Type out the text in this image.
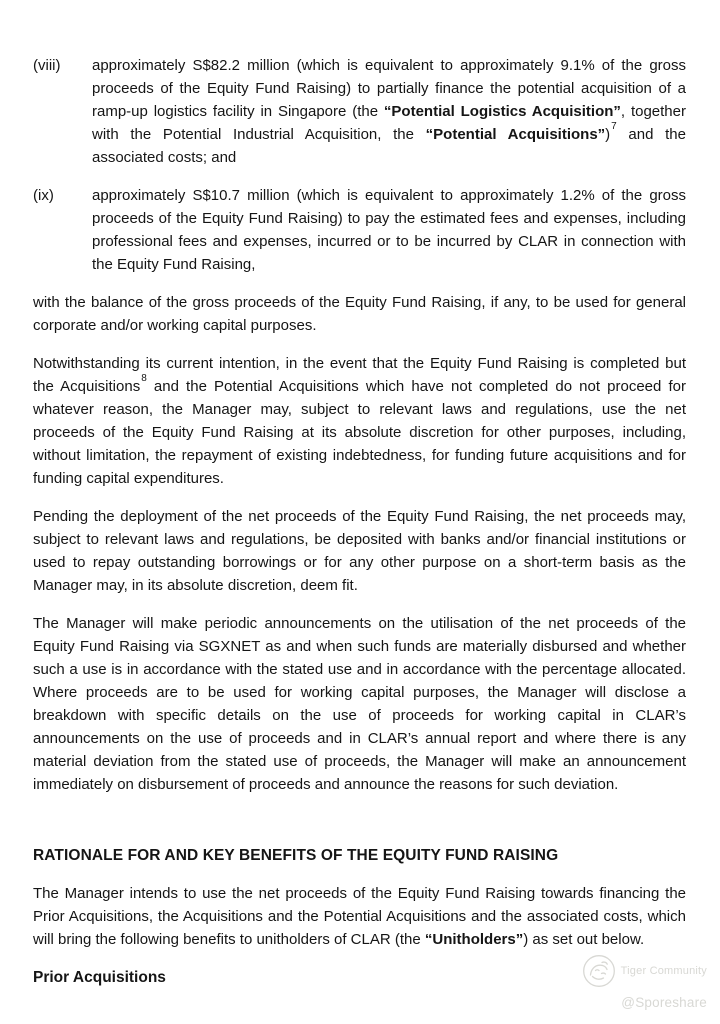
(viii)	approximately S$82.2 million (which is equivalent to approximately 9.1% of the gross proceeds of the Equity Fund Raising) to partially finance the potential acquisition of a ramp-up logistics facility in Singapore (the “Potential Logistics Acquisition”, together with the Potential Industrial Acquisition, the “Potential Acquisitions”)$^7$ and the associated costs; and
(ix)	approximately S$10.7 million (which is equivalent to approximately 1.2% of the gross proceeds of the Equity Fund Raising) to pay the estimated fees and expenses, including professional fees and expenses, incurred or to be incurred by CLAR in connection with the Equity Fund Raising,

with the balance of the gross proceeds of the Equity Fund Raising, if any, to be used for general corporate and/or working capital purposes.

Notwithstanding its current intention, in the event that the Equity Fund Raising is completed but the Acquisitions$^8$ and the Potential Acquisitions which have not completed do not proceed for whatever reason, the Manager may, subject to relevant laws and regulations, use the net proceeds of the Equity Fund Raising at its absolute discretion for other purposes, including, without limitation, the repayment of existing indebtedness, for funding future acquisitions and for funding capital expenditures.

Pending the deployment of the net proceeds of the Equity Fund Raising, the net proceeds may, subject to relevant laws and regulations, be deposited with banks and/or financial institutions or used to repay outstanding borrowings or for any other purpose on a short-term basis as the Manager may, in its absolute discretion, deem fit.

The Manager will make periodic announcements on the utilisation of the net proceeds of the Equity Fund Raising via SGXNET as and when such funds are materially disbursed and whether such a use is in accordance with the stated use and in accordance with the percentage allocated. Where proceeds are to be used for working capital purposes, the Manager will disclose a breakdown with specific details on the use of proceeds for working capital in CLAR’s announcements on the use of proceeds and in CLAR’s annual report and where there is any material deviation from the stated use of proceeds, the Manager will make an announcement immediately on disbursement of proceeds and announce the reasons for such deviation.

RATIONALE FOR AND KEY BENEFITS OF THE EQUITY FUND RAISING

The Manager intends to use the net proceeds of the Equity Fund Raising towards financing the Prior Acquisitions, the Acquisitions and the Potential Acquisitions and the associated costs, which will bring the following benefits to unitholders of CLAR (the “Unitholders”) as set out below.

Prior Acquisitions	Tiger Community
@Sporeshare
